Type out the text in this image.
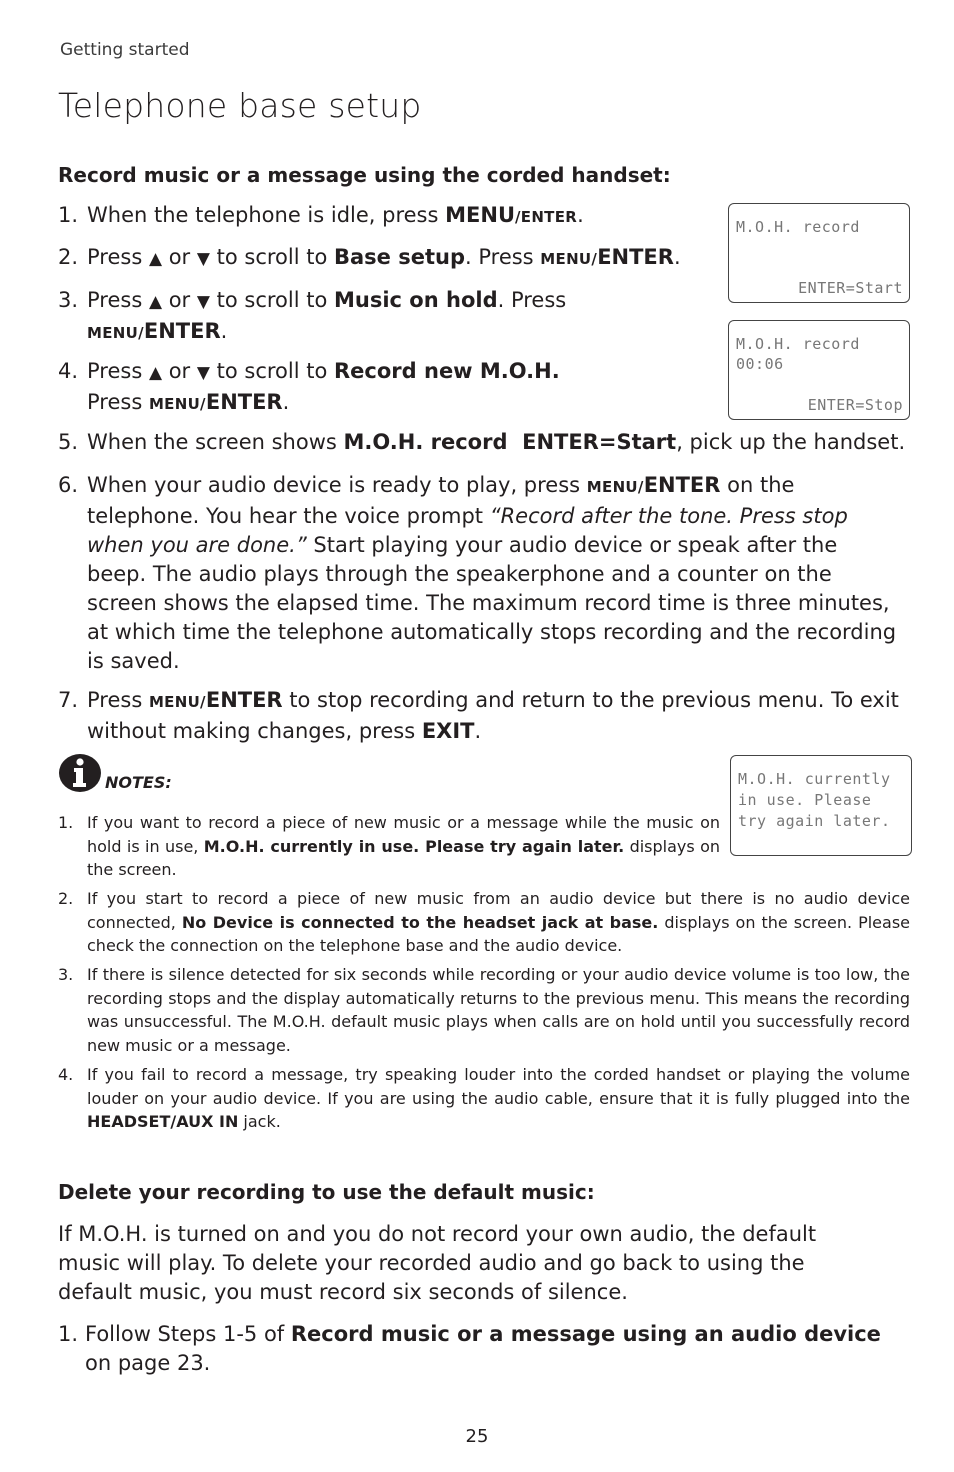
Getting started
Telephone base setup
Record music or a message using the corded handset:
1. When the telephone is idle, press MENU/ENTER.
2. Press ▲ or ▼ to scroll to Base setup. Press MENU/ENTER.
3. Press ▲ or ▼ to scroll to Music on hold. Press
MENU/ENTER.
4. Press ▲ or ▼ to scroll to Record new M.O.H.
Press MENU/ENTER.
5. When the screen shows M.O.H. record  ENTER=Start, pick up the handset.
6. When your audio device is ready to play, press MENU/ENTER on the telephone. You hear the voice prompt “Record after the tone. Press stop when you are done.” Start playing your audio device or speak after the beep. The audio plays through the speakerphone and a counter on the screen shows the elapsed time. The maximum record time is three minutes, at which time the telephone automatically stops recording and the recording is saved.
7. Press MENU/ENTER to stop recording and return to the previous menu. To exit without making changes, press EXIT.
M.O.H. record
ENTER=Start
M.O.H. record
00:06
ENTER=Stop
M.O.H. currently
in use. Please
try again later.
NOTES:
1. If you want to record a piece of new music or a message while the music on hold is in use, M.O.H. currently in use. Please try again later. displays on the screen.
2. If you start to record a piece of new music from an audio device but there is no audio device connected, No Device is connected to the headset jack at base. displays on the screen. Please check the connection on the telephone base and the audio device.
3. If there is silence detected for six seconds while recording or your audio device volume is too low, the recording stops and the display automatically returns to the previous menu. This means the recording was unsuccessful. The M.O.H. default music plays when calls are on hold until you successfully record new music or a message.
4. If you fail to record a message, try speaking louder into the corded handset or playing the volume louder on your audio device. If you are using the audio cable, ensure that it is fully plugged into the HEADSET/AUX IN jack.
Delete your recording to use the default music:
If M.O.H. is turned on and you do not record your own audio, the default music will play. To delete your recorded audio and go back to using the default music, you must record six seconds of silence.
1. Follow Steps 1-5 of Record music or a message using an audio device
on page 23.
25
